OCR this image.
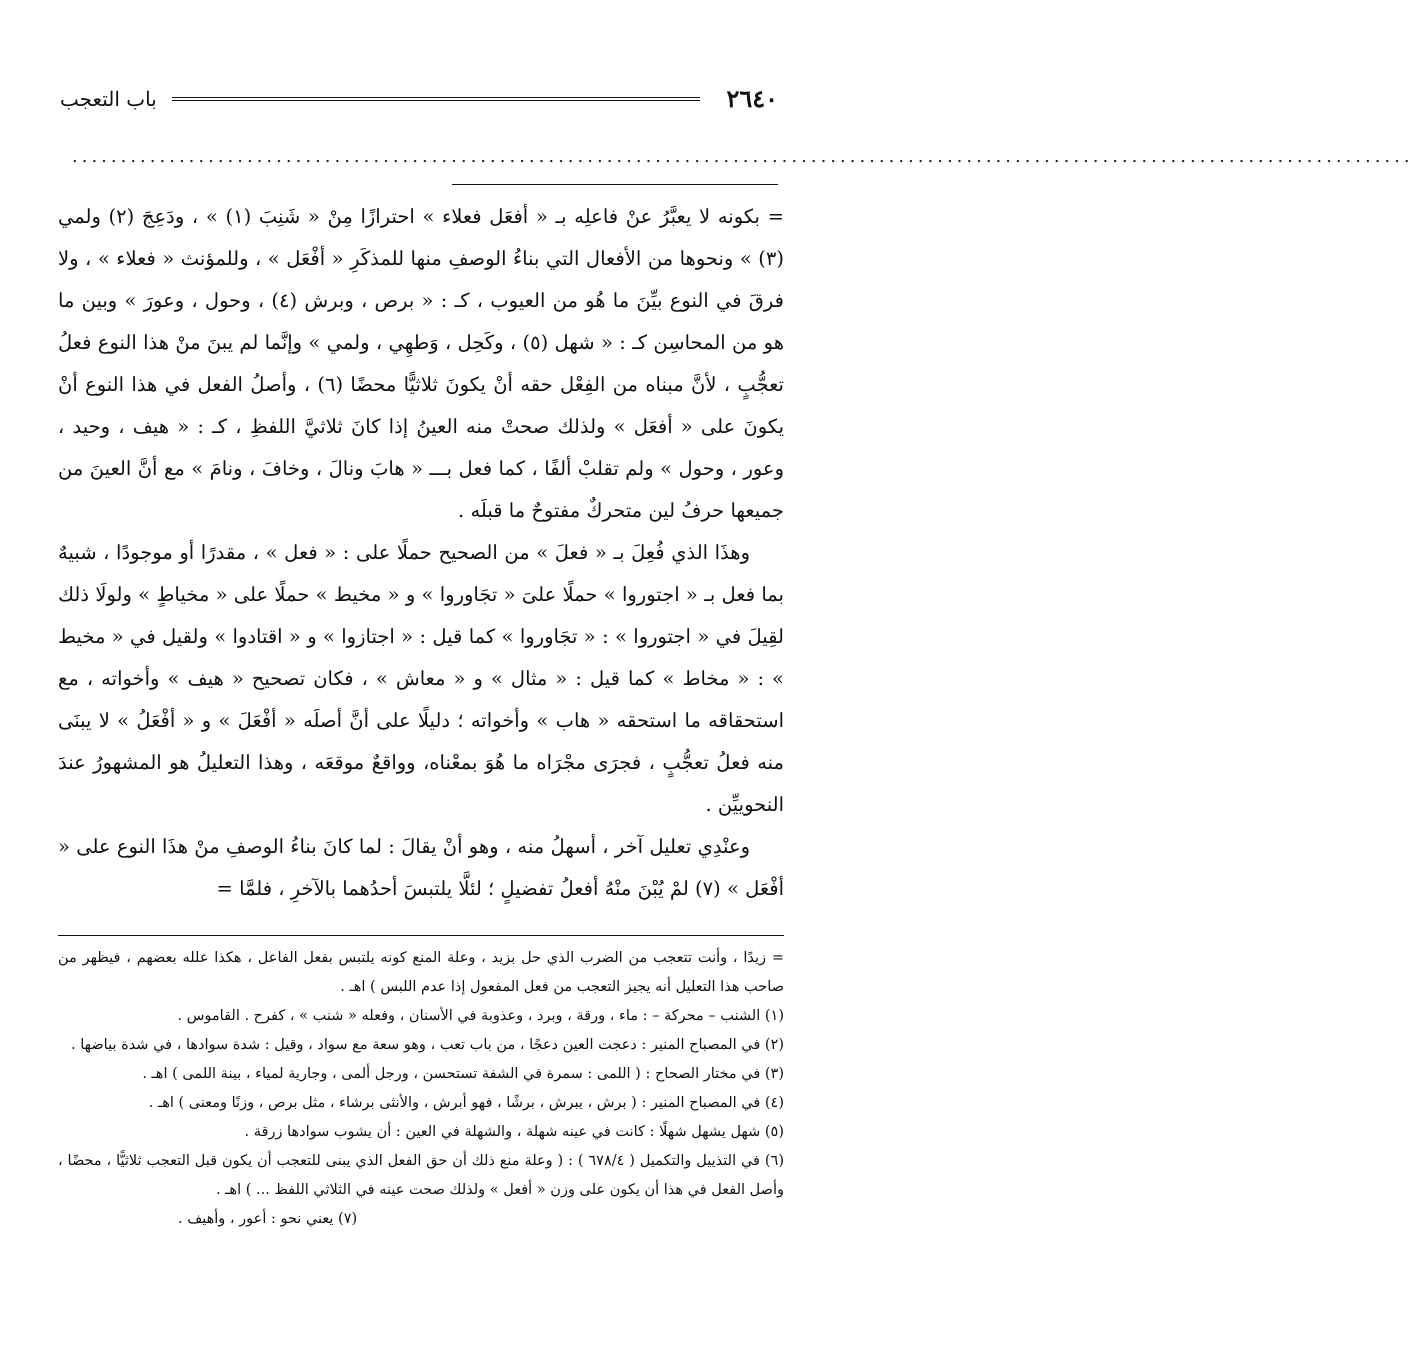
٢٦٤٠
باب التعجب
..........................................................................................................................................

= بكونه لا يعبَّرُ عنْ فاعلِه بـ « أفعَل فعلاء » احترازًا مِنْ « شَنِبَ (١) » ، ودَعِجَ (٢) ولمي (٣) » ونحوها من الأفعال التي بناءُ الوصفِ منها للمذكَرِ « أفْعَل » ، وللمؤنث « فعلاء » ، ولا فرقَ في النوع بيِّنَ ما هُو من العيوب ، كـ : « برص ، وبرش (٤) ، وحول ، وعورَ » وبين ما هو من المحاسِن كـ : « شهل (٥) ، وكَحِل ، وَطهِي ، ولمي » وإنَّما لم يبنَ منْ هذا النوع فعلُ تعجُّبٍ ، لأنَّ مبناه من الفِعْل حقه أنْ يكونَ ثلاثيًّا محضًا (٦) ، وأصلُ الفعل في هذا النوع أنْ يكونَ على « أفعَل » ولذلك صحتْ منه العينُ إذا كانَ ثلاثيَّ اللفظِ ، كـ : « هيف ، وحيد ، وعور ، وحول » ولم تقلبْ ألفًا ، كما فعل بـــ « هابَ ونالَ ، وخافَ ، ونامَ » مع أنَّ العينَ من جميعها حرفُ لين متحركٌ مفتوحٌ ما قبلَه .

وهذَا الذي فُعِلَ بـ « فعلَ » من الصحيح حملًا على : « فعل » ، مقدرًا أو موجودًا ، شبيهٌ بما فعل بـ « اجتوروا » حملًا علىَ « تجَاوروا » و « مخيط » حملًا على « مخياطٍ » ولولَا ذلك لقِيلَ في « اجتوروا » : « تجَاوروا » كما قيل : « اجتازوا » و « اقتادوا » ولقيل في « مخيط » : « مخاط » كما قيل : « مثال » و « معاش » ، فكان تصحيح « هيف » وأخواته ، مع استحقاقه ما استحقه « هاب » وأخواته ؛ دليلًا على أنَّ أصلَه « أفْعَلَ » و « أفْعَلُ » لا يبنَى منه فعلُ تعجُّبٍ ، فجرَى مجْرَاه ما هُوَ بمعْناه، وواقعٌ موقعَه ، وهذا التعليلُ هو المشهورُ عندَ النحوييِّن .

وعنْدِي تعليل آخر ، أسهلُ منه ، وهو أنْ يقالَ : لما كانَ بناءُ الوصفِ منْ هذَا النوع على « أفْعَل » (٧) لمْ يُبْنَ منْهُ أفعلُ تفضيلٍ ؛ لئلَّا يلتبسَ أحدُهما بالآخرِ ، فلمَّا =

= زيدًا ، وأنت تتعجب من الضرب الذي حل بزيد ، وعلة المنع كونه يلتبس بفعل الفاعل ، هكذا علله بعضهم ، فيظهر من صاحب هذا التعليل أنه يجيز التعجب من فعل المفعول إذا عدم اللبس ) اهـ .

(١) الشنب – محركة – : ماء ، ورقة ، وبرد ، وعذوبة في الأسنان ، وفعله « شنب » ، كفرح . القاموس .

(٢) في المصباح المنير : دعجت العين دعجًا ، من باب تعب ، وهو سعة مع سواد ، وقيل : شدة سوادها ، في شدة بياضها .

(٣) في مختار الصحاح : ( اللمى : سمرة في الشفة تستحسن ، ورجل ألمى ، وجارية لمياء ، بينة اللمى ) اهـ .

(٤) في المصباح المنير : ( برش ، يبرش ، برشًا ، فهو أبرش ، والأنثى برشاء ، مثل برص ، وزنًا ومعنى ) اهـ .

(٥) شهل يشهل شهلًا : كانت في عينه شهلة ، والشهلة في العين : أن يشوب سوادها زرقة .

(٦) في التذييل والتكميل ( ٦٧٨/٤ ) : ( وعلة منع ذلك أن حق الفعل الذي يبنى للتعجب أن يكون قبل التعجب ثلاثيًّا ، محضًا ، وأصل الفعل في هذا أن يكون على وزن « أفعل » ولذلك صحت عينه في الثلاثي اللفظ ... ) اهـ .

(٧) يعني نحو : أعور ، وأهيف .
